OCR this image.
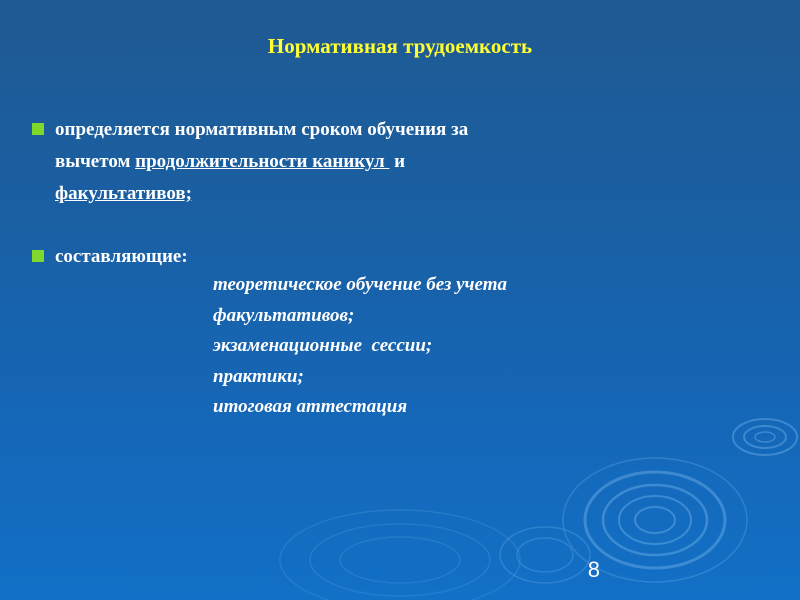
Нормативная трудоемкость
определяется нормативным сроком обучения за
вычетом продолжительности каникул  и
факультативов;
составляющие:
теоретическое обучение без учета
факультативов;
экзаменационные  сессии;
практики;
итоговая аттестация
8
